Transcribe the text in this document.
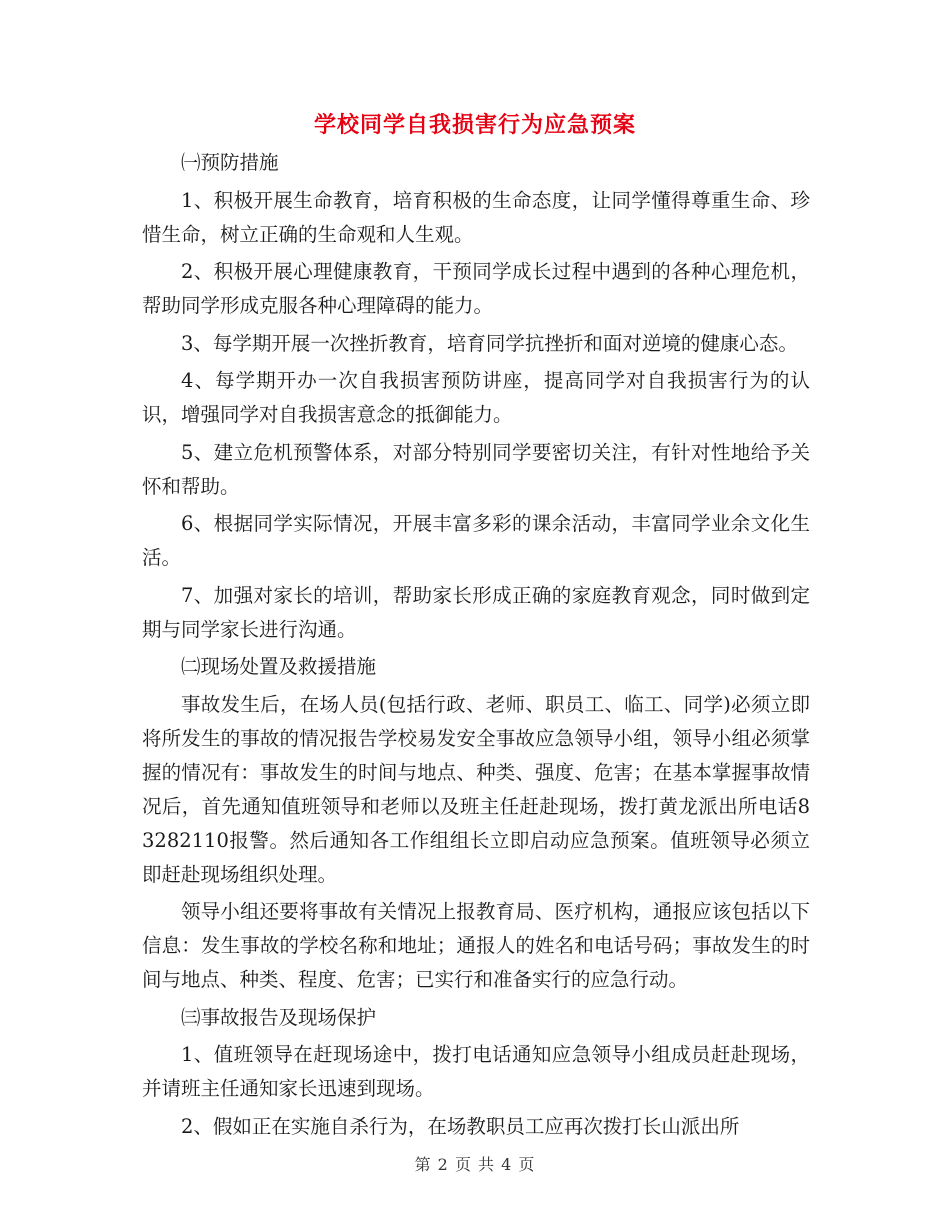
学校同学自我损害行为应急预案

㈠预防措施

1、积极开展生命教育，培育积极的生命态度，让同学懂得尊重生命、珍惜生命，树立正确的生命观和人生观。

2、积极开展心理健康教育，干预同学成长过程中遇到的各种心理危机，帮助同学形成克服各种心理障碍的能力。

3、每学期开展一次挫折教育，培育同学抗挫折和面对逆境的健康心态。

4、每学期开办一次自我损害预防讲座，提高同学对自我损害行为的认识，增强同学对自我损害意念的抵御能力。

5、建立危机预警体系，对部分特别同学要密切关注，有针对性地给予关怀和帮助。

6、根据同学实际情况，开展丰富多彩的课余活动，丰富同学业余文化生活。

7、加强对家长的培训，帮助家长形成正确的家庭教育观念，同时做到定期与同学家长进行沟通。

㈡现场处置及救援措施

事故发生后，在场人员(包括行政、老师、职员工、临工、同学)必须立即将所发生的事故的情况报告学校易发安全事故应急领导小组，领导小组必须掌握的情况有：事故发生的时间与地点、种类、强度、危害；在基本掌握事故情况后，首先通知值班领导和老师以及班主任赶赴现场，拨打黄龙派出所电话83282110报警。然后通知各工作组组长立即启动应急预案。值班领导必须立即赶赴现场组织处理。

领导小组还要将事故有关情况上报教育局、医疗机构，通报应该包括以下信息：发生事故的学校名称和地址；通报人的姓名和电话号码；事故发生的时间与地点、种类、程度、危害；已实行和准备实行的应急行动。

㈢事故报告及现场保护

1、值班领导在赶现场途中，拨打电话通知应急领导小组成员赶赴现场，并请班主任通知家长迅速到现场。

2、假如正在实施自杀行为，在场教职员工应再次拨打长山派出所

第 2 页 共 4 页
